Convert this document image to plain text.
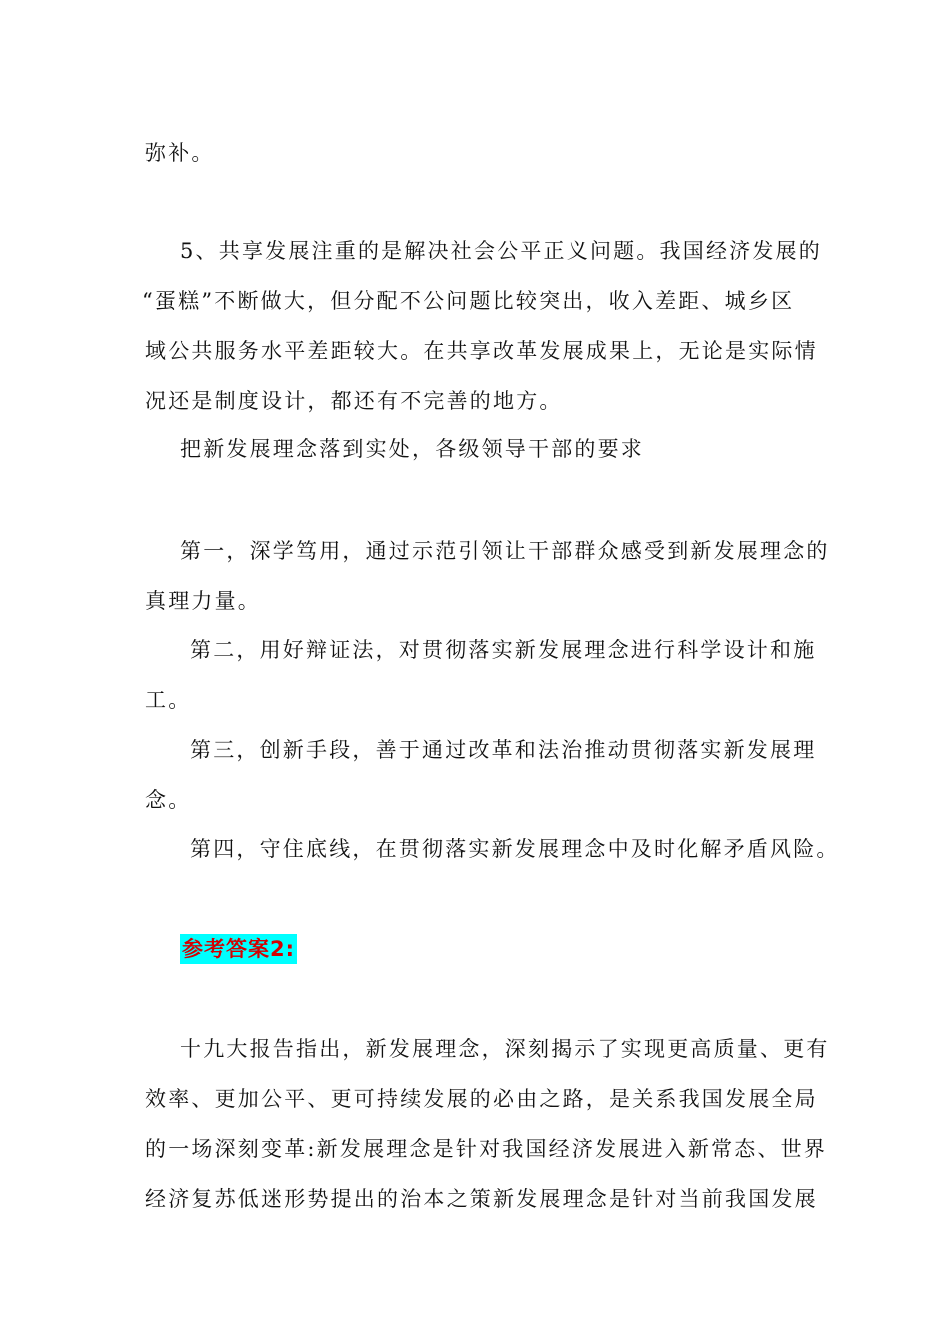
弥补。
5、共享发展注重的是解决社会公平正义问题。我国经济发展的
“蛋糕”不断做大，但分配不公问题比较突出，收入差距、城乡区
域公共服务水平差距较大。在共享改革发展成果上，无论是实际情
况还是制度设计，都还有不完善的地方。
把新发展理念落到实处，各级领导干部的要求
第一，深学笃用，通过示范引领让干部群众感受到新发展理念的
真理力量。
第二，用好辩证法，对贯彻落实新发展理念进行科学设计和施
工。
第三，创新手段，善于通过改革和法治推动贯彻落实新发展理
念。
第四，守住底线，在贯彻落实新发展理念中及时化解矛盾风险。
参考答案2:
十九大报告指出，新发展理念，深刻揭示了实现更高质量、更有
效率、更加公平、更可持续发展的必由之路，是关系我国发展全局
的一场深刻变革:新发展理念是针对我国经济发展进入新常态、世界
经济复苏低迷形势提出的治本之策新发展理念是针对当前我国发展
